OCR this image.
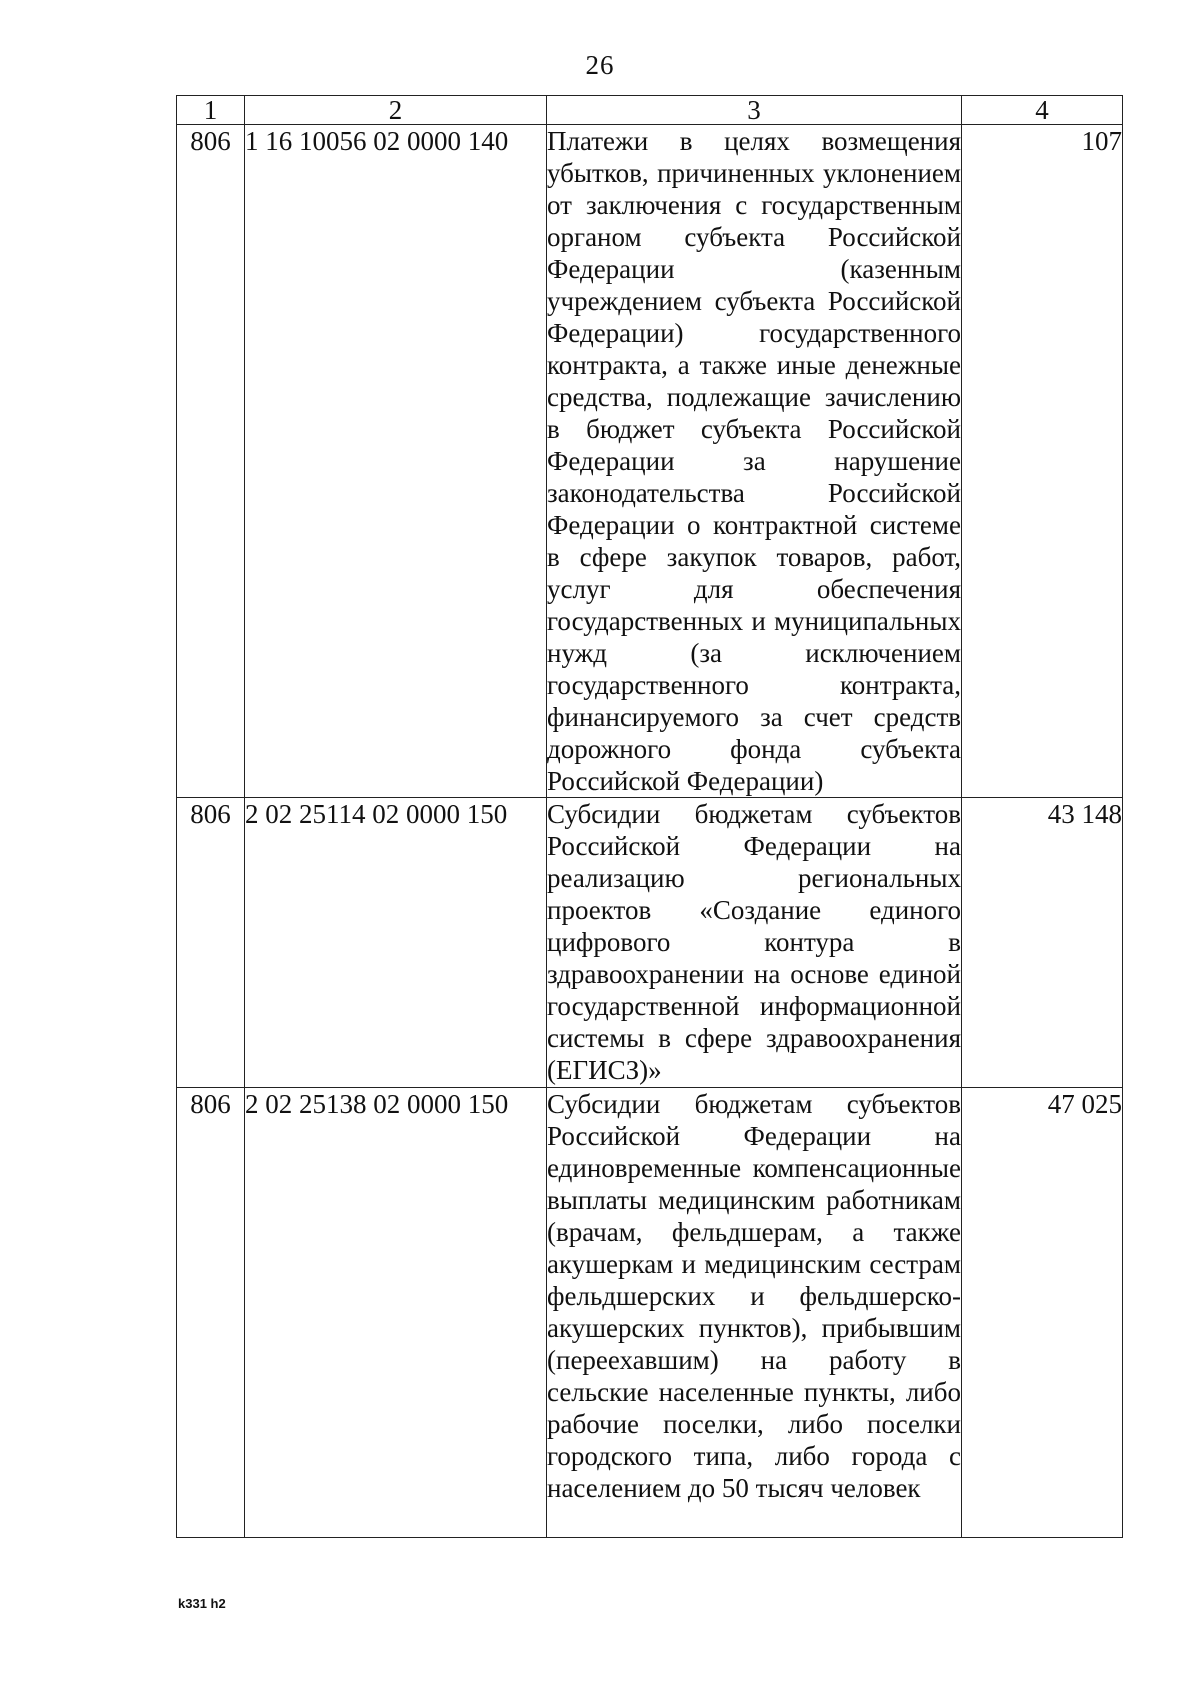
26
1	2	3	4
806	1 16 10056 02 0000 140	Платежи в целях возмещения убытков, причиненных уклонением от заключения с государственным органом субъекта Российской Федерации (казенным учреждением субъекта Российской Федерации) государственного контракта, а также иные денежные средства, подлежащие зачислению в бюджет субъекта Российской Федерации за нарушение законодательства Российской Федерации о контрактной системе в сфере закупок товаров, работ, услуг для обеспечения государственных и муниципальных нужд (за исключением государственного контракта, финансируемого за счет средств дорожного фонда субъекта Российской Федерации)	107
806	2 02 25114 02 0000 150	Субсидии бюджетам субъектов Российской Федерации на реализацию региональных проектов «Создание единого цифрового контура в здравоохранении на основе единой государственной информационной системы в сфере здравоохранения (ЕГИСЗ)»	43 148
806	2 02 25138 02 0000 150	Субсидии бюджетам субъектов Российской Федерации на единовременные компенсационные выплаты медицинским работникам (врачам, фельдшерам, а также акушеркам и медицинским сестрам фельдшерских и фельдшерско-акушерских пунктов), прибывшим (переехавшим) на работу в сельские населенные пункты, либо рабочие поселки, либо поселки городского типа, либо города с населением до 50 тысяч человек	47 025
k331 h2
